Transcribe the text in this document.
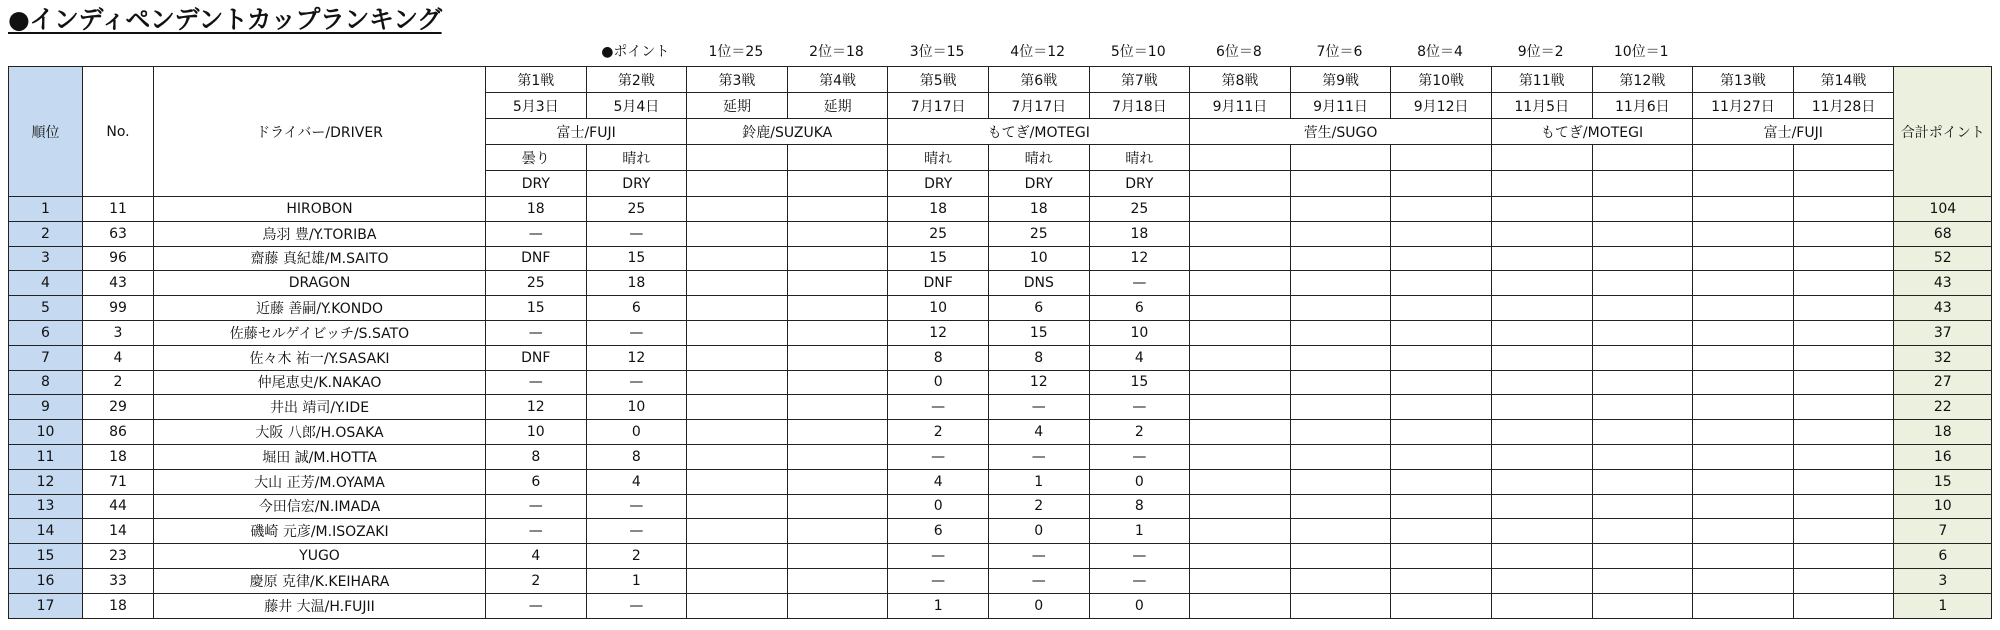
●インディペンデントカップランキング
●ポイント	1位＝25	2位＝18	3位＝15	4位＝12	5位＝10	6位＝8	7位＝6	8位＝4	9位＝2	10位＝1
順位	No.	ドライバー/DRIVER	第1戦	第2戦	第3戦	第4戦	第5戦	第6戦	第7戦	第8戦	第9戦	第10戦	第11戦	第12戦	第13戦	第14戦	合計ポイント
			5月3日	5月4日	延期	延期	7月17日	7月17日	7月18日	9月11日	9月11日	9月12日	11月5日	11月6日	11月27日	11月28日	
			富士/FUJI		鈴鹿/SUZUKA		もてぎ/MOTEGI			菅生/SUGO			もてぎ/MOTEGI		富士/FUJI		
			曇り	晴れ			晴れ	晴れ	晴れ								
			DRY	DRY			DRY	DRY	DRY								
1	11	HIROBON	18	25			18	18	25								104
2	63	鳥羽 豊/Y.TORIBA	—	—			25	25	18								68
3	96	齋藤 真紀雄/M.SAITO	DNF	15			15	10	12								52
4	43	DRAGON	25	18			DNF	DNS	—								43
5	99	近藤 善嗣/Y.KONDO	15	6			10	6	6								43
6	3	佐藤セルゲイビッチ/S.SATO	—	—			12	15	10								37
7	4	佐々木 祐一/Y.SASAKI	DNF	12			8	8	4								32
8	2	仲尾恵史/K.NAKAO	—	—			0	12	15								27
9	29	井出 靖司/Y.IDE	12	10			—	—	—								22
10	86	大阪 八郎/H.OSAKA	10	0			2	4	2								18
11	18	堀田 誠/M.HOTTA	8	8			—	—	—								16
12	71	大山 正芳/M.OYAMA	6	4			4	1	0								15
13	44	今田信宏/N.IMADA	—	—			0	2	8								10
14	14	磯崎 元彦/M.ISOZAKI	—	—			6	0	1								7
15	23	YUGO	4	2			—	—	—								6
16	33	慶原 克律/K.KEIHARA	2	1			—	—	—								3
17	18	藤井 大温/H.FUJII	—	—			1	0	0								1
